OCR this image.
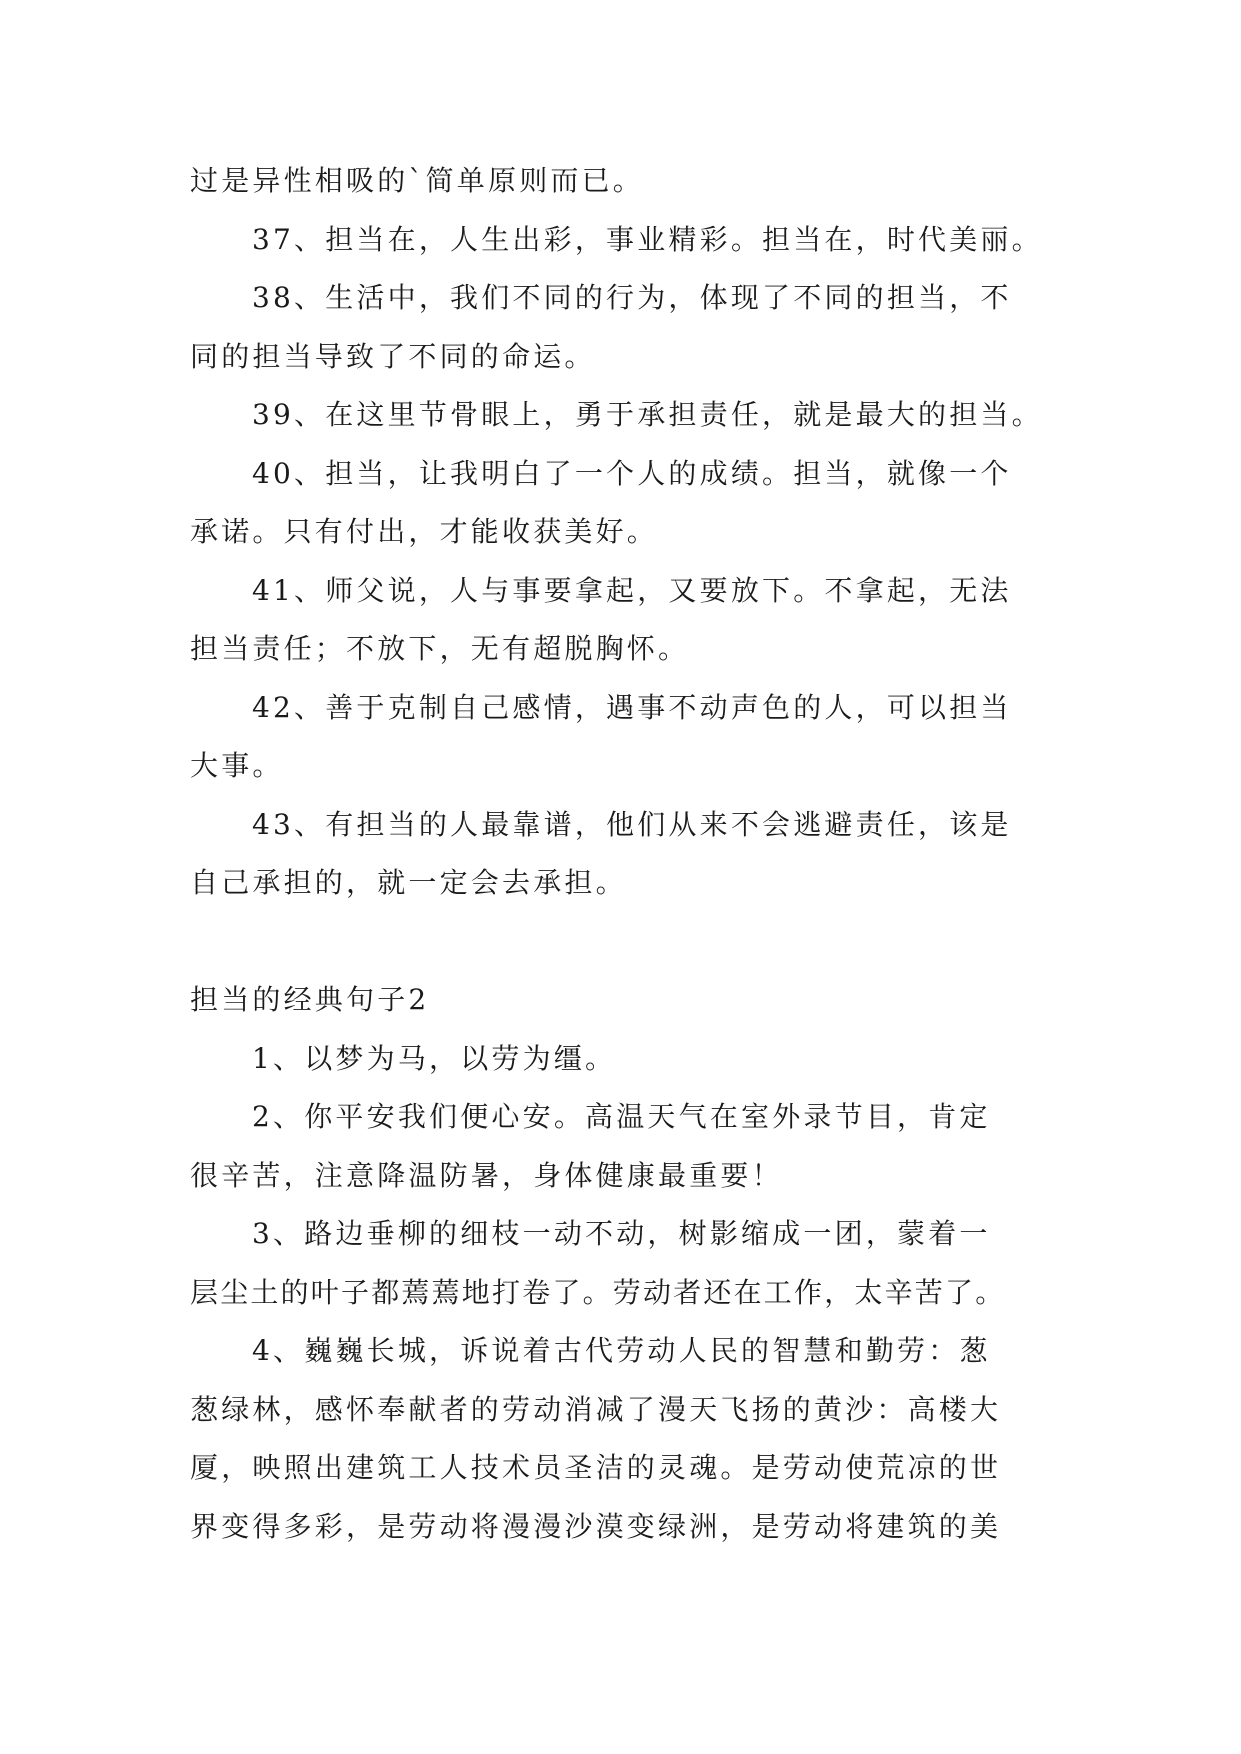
过是异性相吸的`简单原则而已。
37、担当在，人生出彩，事业精彩。担当在，时代美丽。
38、生活中，我们不同的行为，体现了不同的担当，不
同的担当导致了不同的命运。
39、在这里节骨眼上，勇于承担责任，就是最大的担当。
40、担当，让我明白了一个人的成绩。担当，就像一个
承诺。只有付出，才能收获美好。
41、师父说，人与事要拿起，又要放下。不拿起，无法
担当责任；不放下，无有超脱胸怀。
42、善于克制自己感情，遇事不动声色的人，可以担当
大事。
43、有担当的人最靠谱，他们从来不会逃避责任，该是
自己承担的，就一定会去承担。
担当的经典句子2
1、以梦为马，以劳为缰。
2、你平安我们便心安。高温天气在室外录节目，肯定
很辛苦，注意降温防暑，身体健康最重要！
3、路边垂柳的细枝一动不动，树影缩成一团，蒙着一
层尘土的叶子都蔫蔫地打卷了。劳动者还在工作，太辛苦了。
4、巍巍长城，诉说着古代劳动人民的智慧和勤劳：葱
葱绿林，感怀奉献者的劳动消减了漫天飞扬的黄沙：高楼大
厦，映照出建筑工人技术员圣洁的灵魂。是劳动使荒凉的世
界变得多彩，是劳动将漫漫沙漠变绿洲，是劳动将建筑的美
